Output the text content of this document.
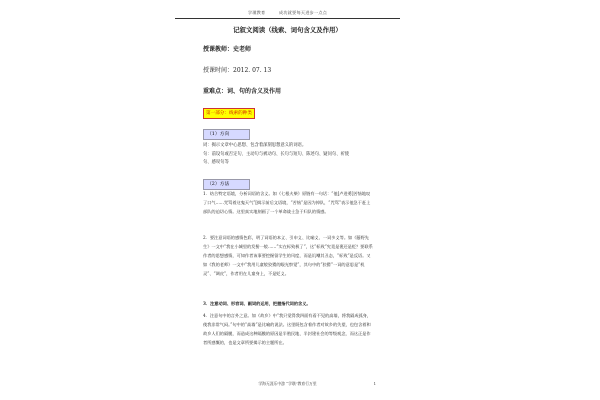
学璜教育	成功就要每天进步一点点
记叙文阅读（线索、词句含义及作用）
授课教师：史老师
授课时间：2012. 07. 13
重难点：词、句的含义及作用
第一部分：线索的种类
（1）方向
词：揭示文章中心思想、包含着深刻思想意义的词语。
句：前设句或否定句、主动句与被动句、长句与短句、陈述句、疑问句、祈使
句、感叹句等
（2）方法

1．结合特定语境，分析词语的含义。如《七根火柴》原链有一句话：“他[卢进勇]苦恼地叹了口气……咒骂着这鬼天气”[揭示前后文语境，“苦恼”是因为掉队，“咒骂”表示他急于赶上部队的迫切心情。这里真实地刻画了一个革命战士急于归队的情感。

2．要注意词语的感情色彩，明了词语的本义、引申义、比喻义、一词多义等。如《藤野先生》一文中“我在小城里的发髻一般……”实在标致极了”，这“标致”究竟是褒还是贬？要联系作者的思想感情，可知作者该事要挖掘留学生的风度，而是讥嘲其丑态，“标致”是反语。又如《我的老师》一文中“我用儿童般狡猾的眼光察觉”，其句中的“狡猾”一词的意思是“机灵”、“调皮”，作者用在儿童身上，不是贬义。

3．注意动词、形容词、副词的运用，把握指代词的含义。

4．注意句中的言外之意。如《故乡》中“我只觉得我四面有看不见的高墙，将我隔成孤身，使我非常气闷。”句中的“高墙”是比喻的说法。这里既包含着作者对故乡的失望，也包含着和故乡人们的隔膜，而造成这种隔膜的原因是半殖民地、半封建社会的等级观念，而这正是作者所感慨的，也是文章所要揭示的主题所在。

学海无涯乐中游 “学璜”教育行万里	1
